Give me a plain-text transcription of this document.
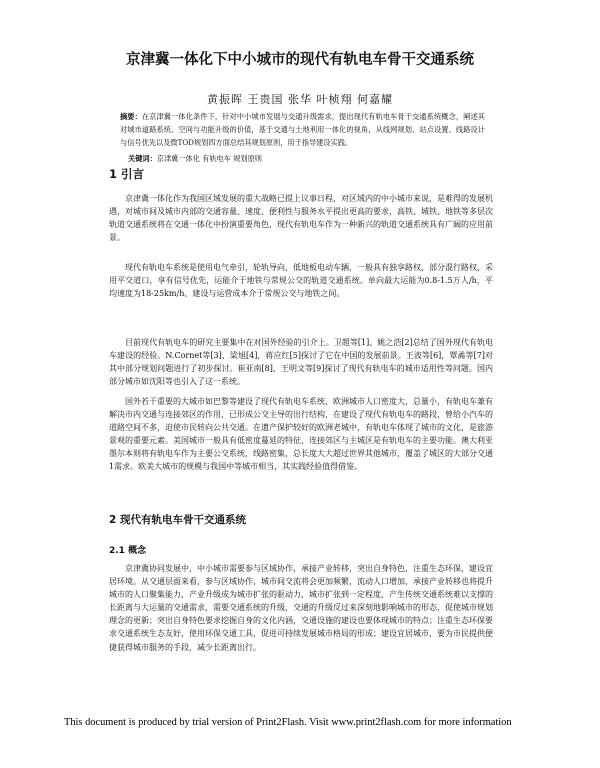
京津冀一体化下中小城市的现代有轨电车骨干交通系统
黄振晖 王贵国 张华 叶桢翔 何嘉耀
摘要：在京津冀一体化条件下，针对中小城市发展与交通升级需求，提出现代有轨电车骨干交通系统概念，阐述其对城市道路系统、空间与功能升级的价值，基于交通与土地利用一体化的视角，从线网规划、站点设置、线路设计与信号优先以及微TOD规划四方面总结其规划原则，用于指导建设实践。
关键词：京津冀一体化 有轨电车 规划原则
1 引言

京津冀一体化作为我国区域发展的重大战略已提上议事日程，对区域内的中小城市来说，是难得的发展机遇，对城市间及城市内部的交通容量、速度、便利性与服务水平提出更高的要求，高铁、城铁、地铁等多层次轨道交通系统将在交通一体化中扮演重要角色，现代有轨电车作为一种新兴的轨道交通系统具有广阔的应用前景。

现代有轨电车系统是使用电气牵引，轮轨导向，低地板电动车辆，一般具有独享路权，部分混行路权，采用平交道口，享有信号优先，运能介于地铁与常规公交的轨道交通系统。单向最大运能为0.8-1.5万人/h，平均速度为18-25km/h。建设与运营成本介于常规公交与地铁之间。

目前现代有轨电车的研究主要集中在对国外经验的引介上。卫超等[1]、姚之浩[2]总结了国外现代有轨电车建设的经验。N.Cornet等[3]，梁旭[4]，蒋应红[5]探讨了它在中国的发展前景。王波等[6]，覃矞等[7]对其中部分规划问题进行了初步探讨。崔亚南[8]，王明文等[9]探讨了现代有轨电车的城市适用性等问题。国内部分城市如沈阳等也引入了这一系统。

国外若干重要的大城市如巴黎等建设了现代有轨电车系统，欧洲城市人口密度大，总量小，有轨电车兼有解决市内交通与连接郊区的作用，已形成公交主导的出行结构，在建设了现代有轨电车的路段，曾给小汽车的道路空间不多，迫使市民转向公共交通。在遗产保护较好的欧洲老城中，有轨电车体现了城市的文化，是旅游景观的重要元素。美国城市一般具有低密度蔓延的特征，连接郊区与主城区是有轨电车的主要功能。澳大利亚墨尔本则将有轨电车作为主要公交系统，线路密集，总长度大大超过世界其他城市，覆盖了城区的大部分交通1需求。欧美大城市的规模与我国中等城市相当，其实践经验值得借鉴。

2 现代有轨电车骨干交通系统
2.1 概念

京津冀协同发展中，中小城市需要参与区域协作，承接产业转移，突出自身特色，注重生态环保，建设宜居环境。从交通层面来看，参与区域协作，城市间交流将会更加频繁，流动人口增加，承接产业转移也将提升城市的人口聚集能力，产业升级成为城市扩张的驱动力，城市扩张到一定程度，产生传统交通系统难以支撑的长距离与大运量的交通需求，需要交通系统的升级，交通的升级反过来深刻地影响城市的形态，促使城市规划理念的更新；突出自身特色要求挖掘自身的文化内涵，交通设施的建设也要体现城市的特点；注重生态环保要求交通系统生态友好，使用环保交通工具，促进可持续发展城市格局的形成；建设宜居城市，要为市民提供便捷获得城市服务的手段，减少长距离出行。

This document is produced by trial version of Print2Flash. Visit www.print2flash.com for more information
